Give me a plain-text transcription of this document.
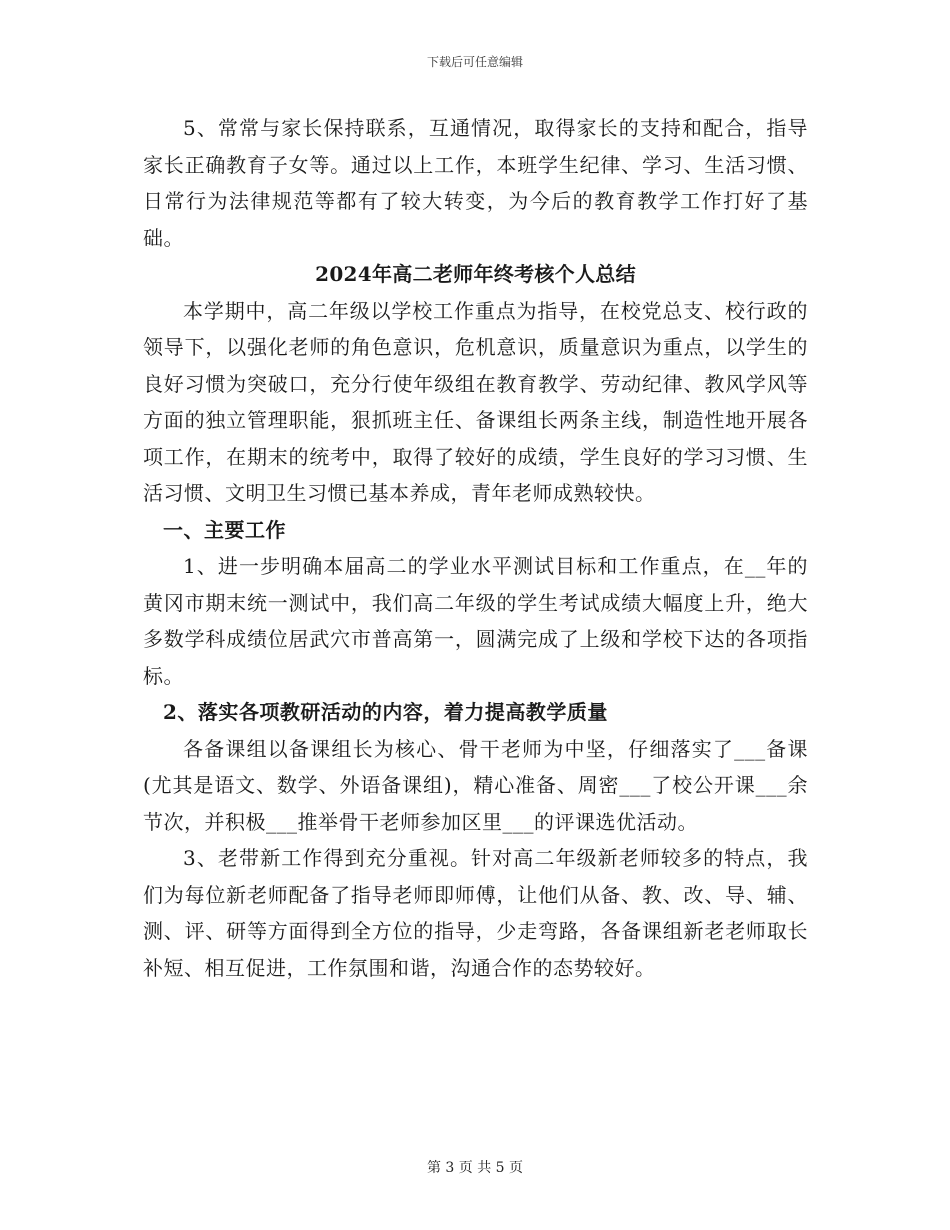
下载后可任意编辑

5、常常与家长保持联系，互通情况，取得家长的支持和配合，指导家长正确教育子女等。通过以上工作，本班学生纪律、学习、生活习惯、日常行为法律规范等都有了较大转变，为今后的教育教学工作打好了基础。

2024年高二老师年终考核个人总结

本学期中，高二年级以学校工作重点为指导，在校党总支、校行政的领导下，以强化老师的角色意识，危机意识，质量意识为重点，以学生的良好习惯为突破口，充分行使年级组在教育教学、劳动纪律、教风学风等方面的独立管理职能，狠抓班主任、备课组长两条主线，制造性地开展各项工作，在期末的统考中，取得了较好的成绩，学生良好的学习习惯、生活习惯、文明卫生习惯已基本养成，青年老师成熟较快。

一、主要工作

1、进一步明确本届高二的学业水平测试目标和工作重点，在__年的黄冈市期末统一测试中，我们高二年级的学生考试成绩大幅度上升，绝大多数学科成绩位居武穴市普高第一，圆满完成了上级和学校下达的各项指标。

2、落实各项教研活动的内容，着力提高教学质量

各备课组以备课组长为核心、骨干老师为中坚，仔细落实了___备课(尤其是语文、数学、外语备课组)，精心准备、周密___了校公开课___余节次，并积极___推举骨干老师参加区里___的评课选优活动。

3、老带新工作得到充分重视。针对高二年级新老师较多的特点，我们为每位新老师配备了指导老师即师傅，让他们从备、教、改、导、辅、测、评、研等方面得到全方位的指导，少走弯路，各备课组新老老师取长补短、相互促进，工作氛围和谐，沟通合作的态势较好。

第 3 页 共 5 页
